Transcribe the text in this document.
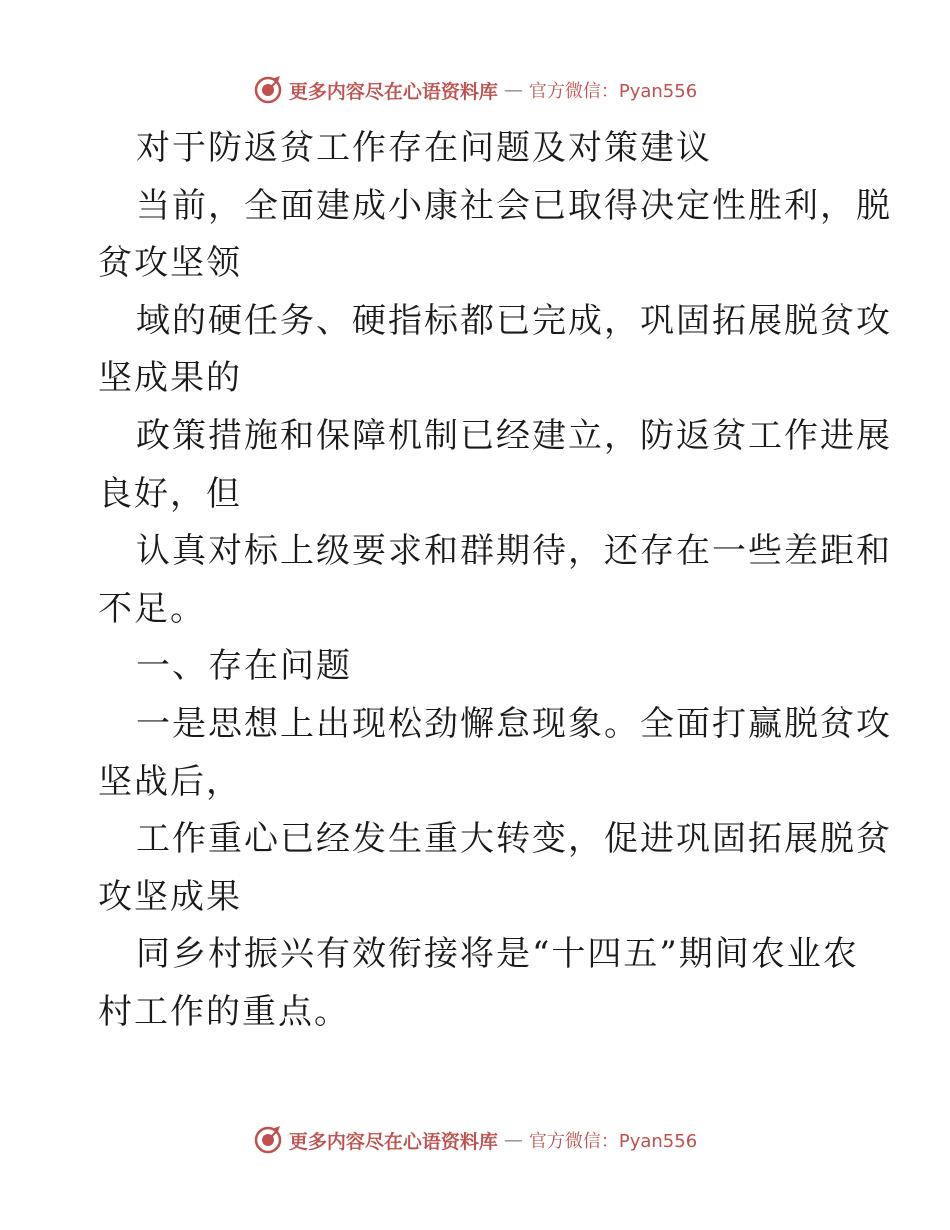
更多内容尽在心语资料库 — 官方微信：Pyan556
对于防返贫工作存在问题及对策建议
当前，全面建成小康社会已取得决定性胜利，脱
贫攻坚领
域的硬任务、硬指标都已完成，巩固拓展脱贫攻
坚成果的
政策措施和保障机制已经建立，防返贫工作进展
良好，但
认真对标上级要求和群期待，还存在一些差距和
不足。
一、存在问题
一是思想上出现松劲懈怠现象。全面打赢脱贫攻
坚战后，
工作重心已经发生重大转变，促进巩固拓展脱贫
攻坚成果
同乡村振兴有效衔接将是“十四五”期间农业农
村工作的重点。
更多内容尽在心语资料库 — 官方微信：Pyan556
